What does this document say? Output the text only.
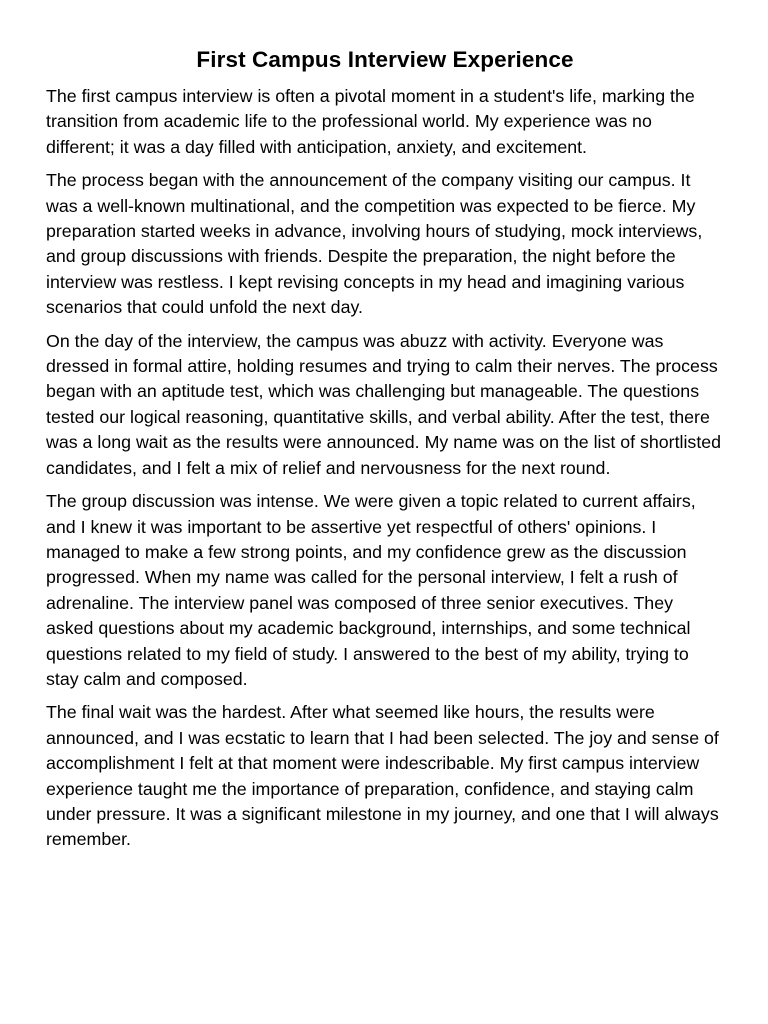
First Campus Interview Experience

The first campus interview is often a pivotal moment in a student's life, marking the transition from academic life to the professional world. My experience was no different; it was a day filled with anticipation, anxiety, and excitement.

The process began with the announcement of the company visiting our campus. It was a well-known multinational, and the competition was expected to be fierce. My preparation started weeks in advance, involving hours of studying, mock interviews, and group discussions with friends. Despite the preparation, the night before the interview was restless. I kept revising concepts in my head and imagining various scenarios that could unfold the next day.

On the day of the interview, the campus was abuzz with activity. Everyone was dressed in formal attire, holding resumes and trying to calm their nerves. The process began with an aptitude test, which was challenging but manageable. The questions tested our logical reasoning, quantitative skills, and verbal ability. After the test, there was a long wait as the results were announced. My name was on the list of shortlisted candidates, and I felt a mix of relief and nervousness for the next round.

The group discussion was intense. We were given a topic related to current affairs, and I knew it was important to be assertive yet respectful of others' opinions. I managed to make a few strong points, and my confidence grew as the discussion progressed. When my name was called for the personal interview, I felt a rush of adrenaline. The interview panel was composed of three senior executives. They asked questions about my academic background, internships, and some technical questions related to my field of study. I answered to the best of my ability, trying to stay calm and composed.

The final wait was the hardest. After what seemed like hours, the results were announced, and I was ecstatic to learn that I had been selected. The joy and sense of accomplishment I felt at that moment were indescribable. My first campus interview experience taught me the importance of preparation, confidence, and staying calm under pressure. It was a significant milestone in my journey, and one that I will always remember.
